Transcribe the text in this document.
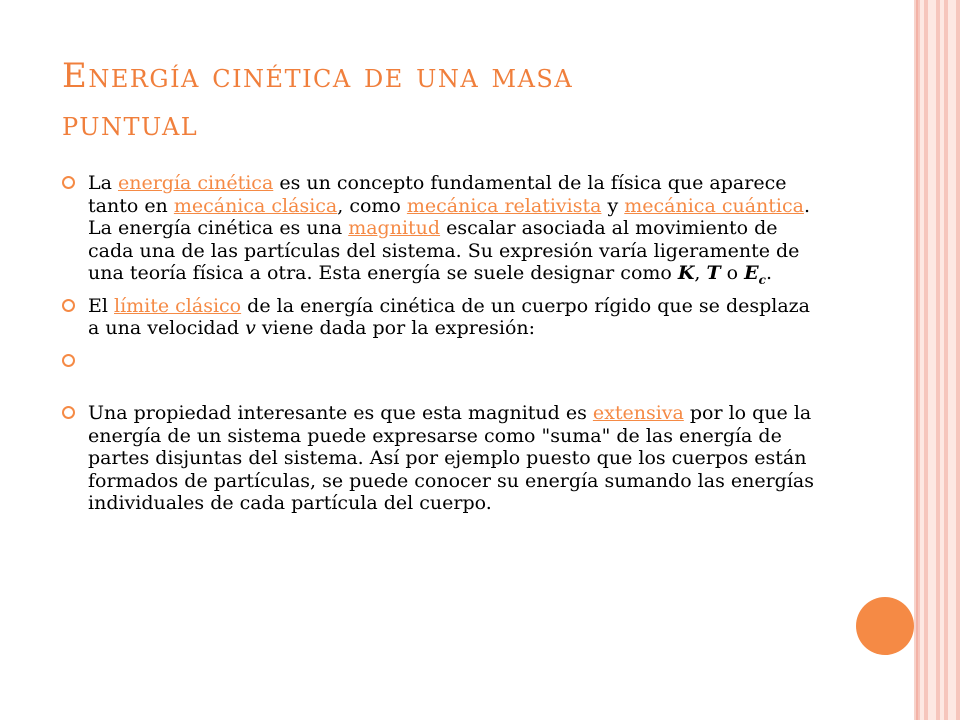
Energía cinética de una masa
puntual
La energía cinética es un concepto fundamental de la física que aparece tanto en mecánica clásica, como mecánica relativista y mecánica cuántica. La energía cinética es una magnitud escalar asociada al movimiento de cada una de las partículas del sistema. Su expresión varía ligeramente de una teoría física a otra. Esta energía se suele designar como K, T o $E_c$.
El límite clásico de la energía cinética de un cuerpo rígido que se desplaza a una velocidad v viene dada por la expresión:
Una propiedad interesante es que esta magnitud es extensiva por lo que la energía de un sistema puede expresarse como "suma" de las energía de partes disjuntas del sistema. Así por ejemplo puesto que los cuerpos están formados de partículas, se puede conocer su energía sumando las energías individuales de cada partícula del cuerpo.
